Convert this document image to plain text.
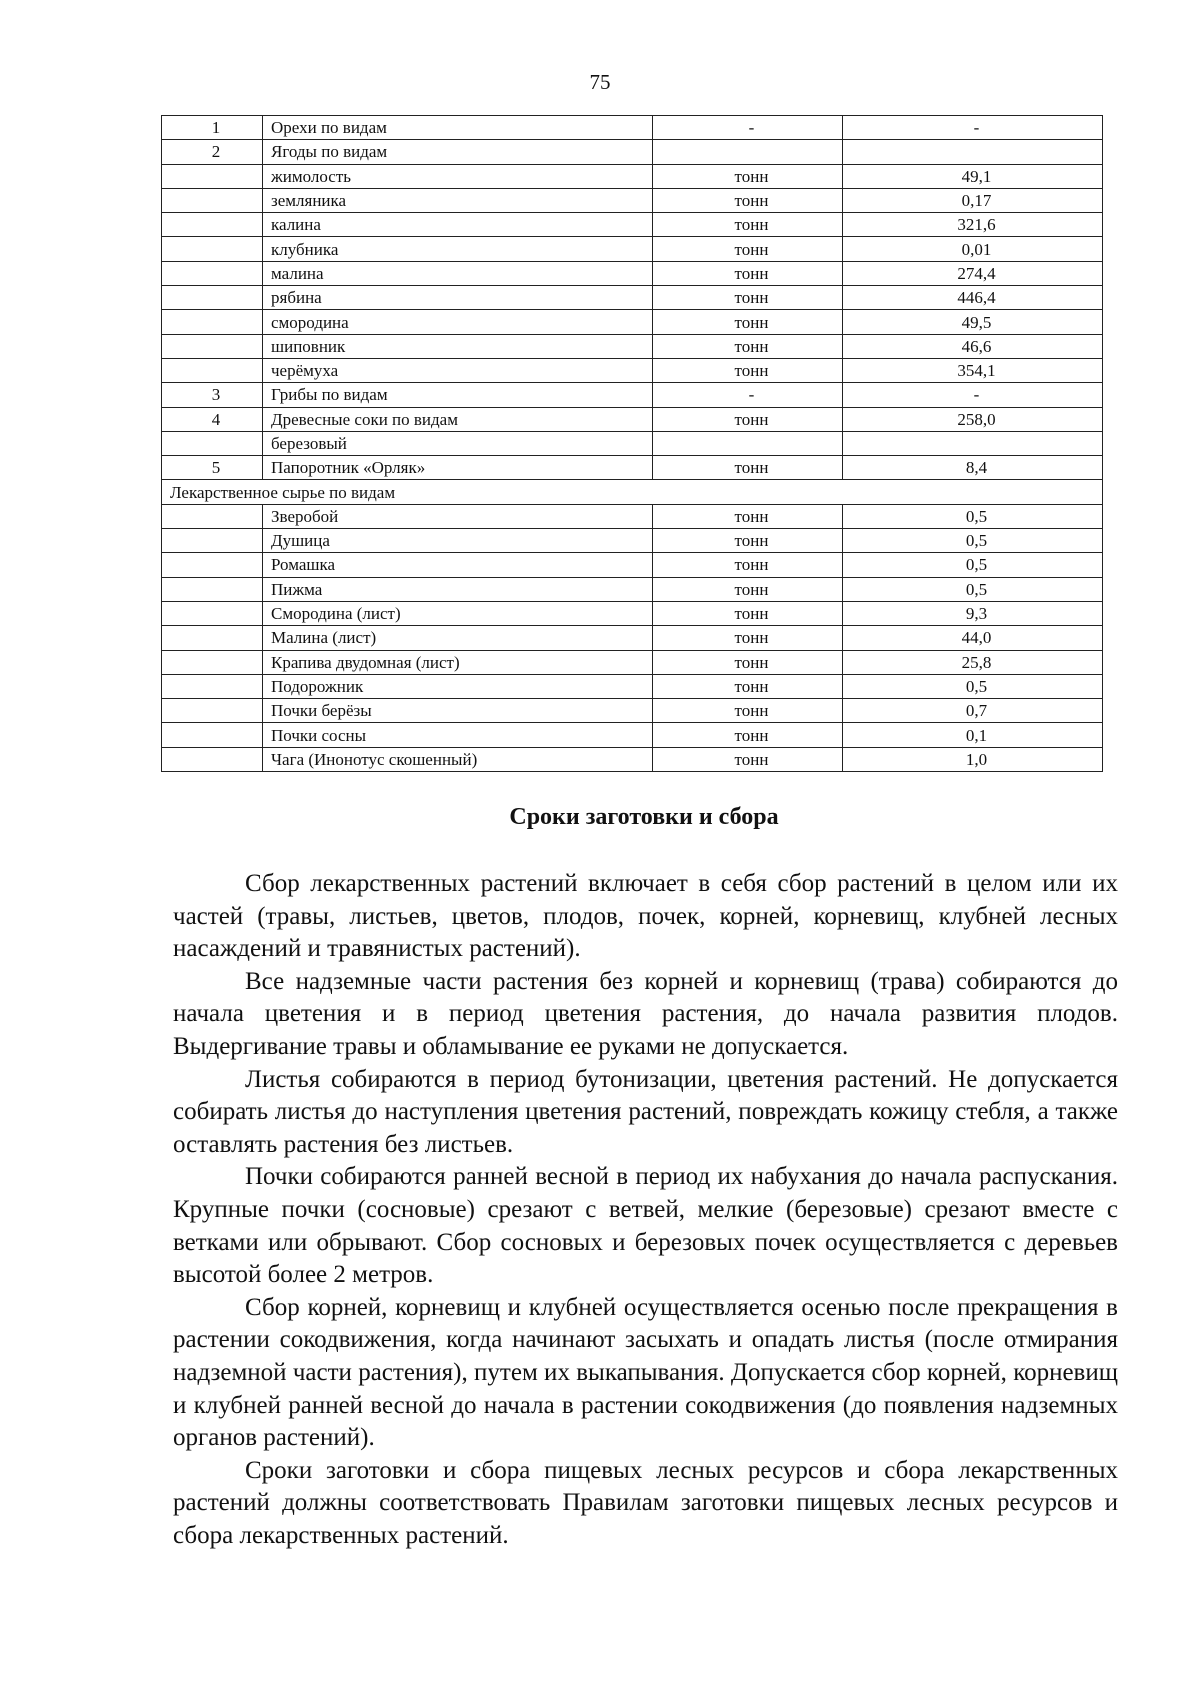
75
1	Орехи по видам	-	-
2	Ягоды по видам		
	жимолость	тонн	49,1
	земляника	тонн	0,17
	калина	тонн	321,6
	клубника	тонн	0,01
	малина	тонн	274,4
	рябина	тонн	446,4
	смородина	тонн	49,5
	шиповник	тонн	46,6
	черёмуха	тонн	354,1
3	Грибы по видам	-	-
4	Древесные соки по видам	тонн	258,0
	березовый		
5	Папоротник «Орляк»	тонн	8,4
Лекарственное сырье по видам			
	Зверобой	тонн	0,5
	Душица	тонн	0,5
	Ромашка	тонн	0,5
	Пижма	тонн	0,5
	Смородина (лист)	тонн	9,3
	Малина (лист)	тонн	44,0
	Крапива двудомная (лист)	тонн	25,8
	Подорожник	тонн	0,5
	Почки берёзы	тонн	0,7
	Почки сосны	тонн	0,1
	Чага (Инонотус скошенный)	тонн	1,0
Сроки заготовки и сбора

Сбор лекарственных растений включает в себя сбор растений в целом или их частей (травы, листьев, цветов, плодов, почек, корней, корневищ, клубней лесных насаждений и травянистых растений).

Все надземные части растения без корней и корневищ (трава) собираются до начала цветения и в период цветения растения, до начала развития плодов. Выдергивание травы и обламывание ее руками не допускается.

Листья собираются в период бутонизации, цветения растений. Не допускается собирать листья до наступления цветения растений, повреждать кожицу стебля, а также оставлять растения без листьев.

Почки собираются ранней весной в период их набухания до начала распускания. Крупные почки (сосновые) срезают с ветвей, мелкие (березовые) срезают вместе с ветками или обрывают. Сбор сосновых и березовых почек осуществляется с деревьев высотой более 2 метров.

Сбор корней, корневищ и клубней осуществляется осенью после прекращения в растении сокодвижения, когда начинают засыхать и опадать листья (после отмирания надземной части растения), путем их выкапывания. Допускается сбор корней, корневищ и клубней ранней весной до начала в растении сокодвижения (до появления надземных органов растений).

Сроки заготовки и сбора пищевых лесных ресурсов и сбора лекарственных растений должны соответствовать Правилам заготовки пищевых лесных ресурсов и сбора лекарственных растений.
